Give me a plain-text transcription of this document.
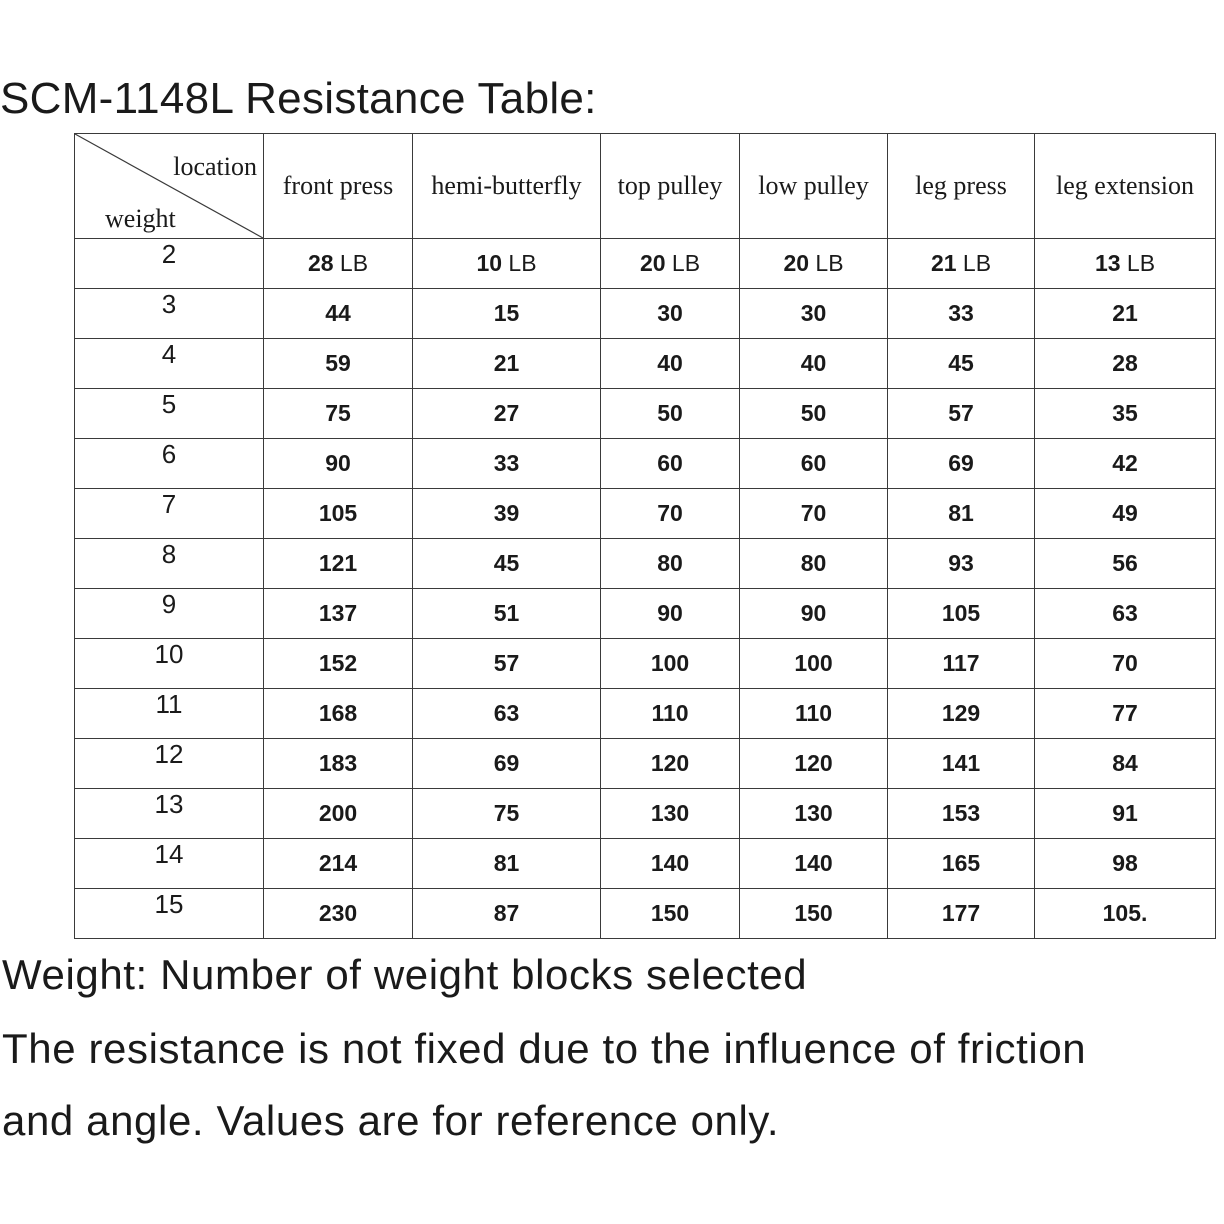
SCM-1148L Resistance Table:
location
weight	front press	hemi-butterfly	top pulley	low pulley	leg press	leg extension
2	28 LB	10 LB	20 LB	20 LB	21 LB	13 LB
3	44	15	30	30	33	21
4	59	21	40	40	45	28
5	75	27	50	50	57	35
6	90	33	60	60	69	42
7	105	39	70	70	81	49
8	121	45	80	80	93	56
9	137	51	90	90	105	63
10	152	57	100	100	117	70
11	168	63	110	110	129	77
12	183	69	120	120	141	84
13	200	75	130	130	153	91
14	214	81	140	140	165	98
15	230	87	150	150	177	105.
Weight: Number of weight blocks selected
The resistance is not fixed due to the influence of friction
and angle. Values are for reference only.
